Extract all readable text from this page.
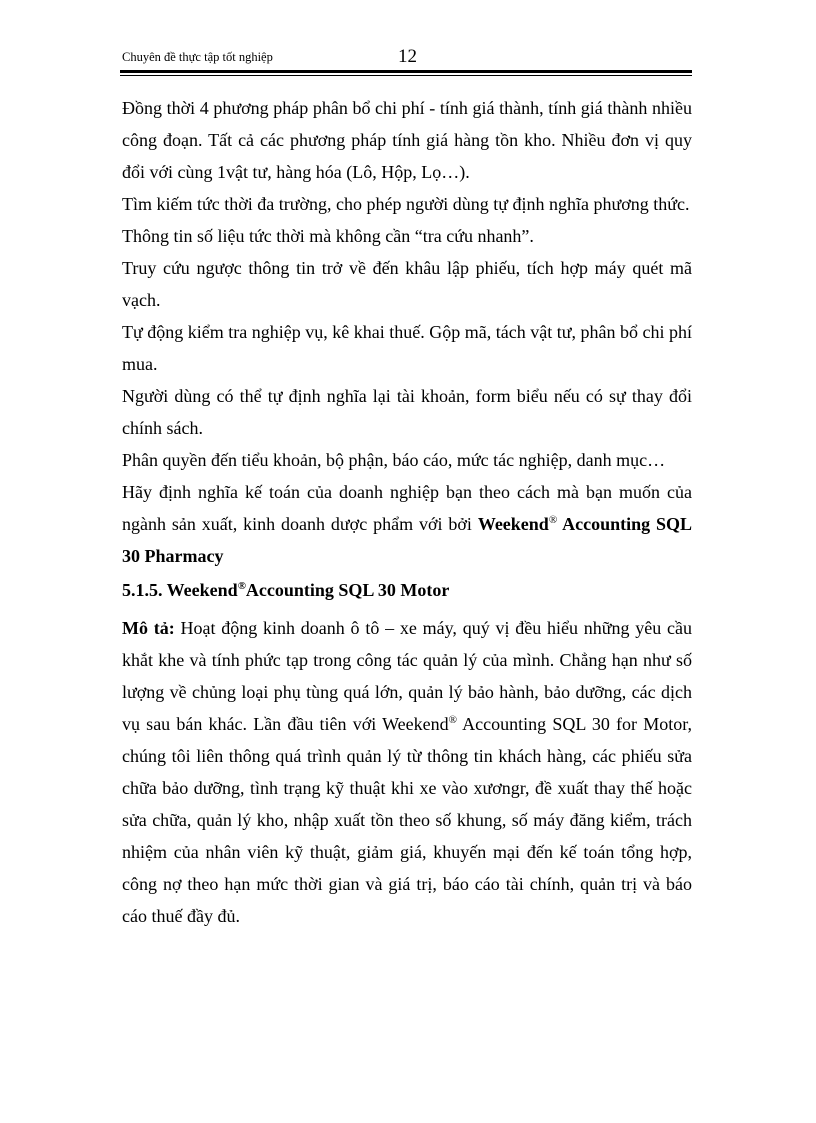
Chuyên đề thực tập tốt nghiệp	12

Đồng thời 4 phương pháp phân bổ chi phí - tính giá thành, tính giá thành nhiều công đoạn. Tất cả các phương pháp tính giá hàng tồn kho. Nhiều đơn vị quy đổi với cùng 1vật tư, hàng hóa (Lô, Hộp, Lọ…).

Tìm kiếm tức thời đa trường, cho phép người dùng tự định nghĩa phương thức.

Thông tin số liệu tức thời mà không cần “tra cứu nhanh”.

Truy cứu ngược thông tin trở về đến khâu lập phiếu, tích hợp máy quét mã vạch.

Tự động kiểm tra nghiệp vụ, kê khai thuế. Gộp mã, tách vật tư, phân bổ chi phí mua.

Người dùng có thể tự định nghĩa lại tài khoản, form biểu nếu có sự thay đổi chính sách.

Phân quyền đến tiểu khoản, bộ phận, báo cáo, mức tác nghiệp, danh mục…

Hãy định nghĩa kế toán của doanh nghiệp bạn theo cách mà bạn muốn của ngành sản xuất, kinh doanh dược phẩm với bởi Weekend® Accounting SQL 30 Pharmacy

5.1.5. Weekend®Accounting SQL 30 Motor

Mô tả: Hoạt động kinh doanh ô tô – xe máy, quý vị đều hiểu những yêu cầu khắt khe và tính phức tạp trong công tác quản lý của mình. Chẳng hạn như số lượng về chủng loại phụ tùng quá lớn, quản lý bảo hành, bảo dưỡng, các dịch vụ sau bán khác. Lần đầu tiên với Weekend® Accounting SQL 30 for Motor, chúng tôi liên thông quá trình quản lý từ thông tin khách hàng, các phiếu sửa chữa bảo dưỡng, tình trạng kỹ thuật khi xe vào xươngr, đề xuất thay thế hoặc sửa chữa, quản lý kho, nhập xuất tồn theo số khung, số máy đăng kiểm, trách nhiệm của nhân viên kỹ thuật, giảm giá, khuyến mại đến kế toán tổng hợp, công nợ theo hạn mức thời gian và giá trị, báo cáo tài chính, quản trị và báo cáo thuế đầy đủ.
